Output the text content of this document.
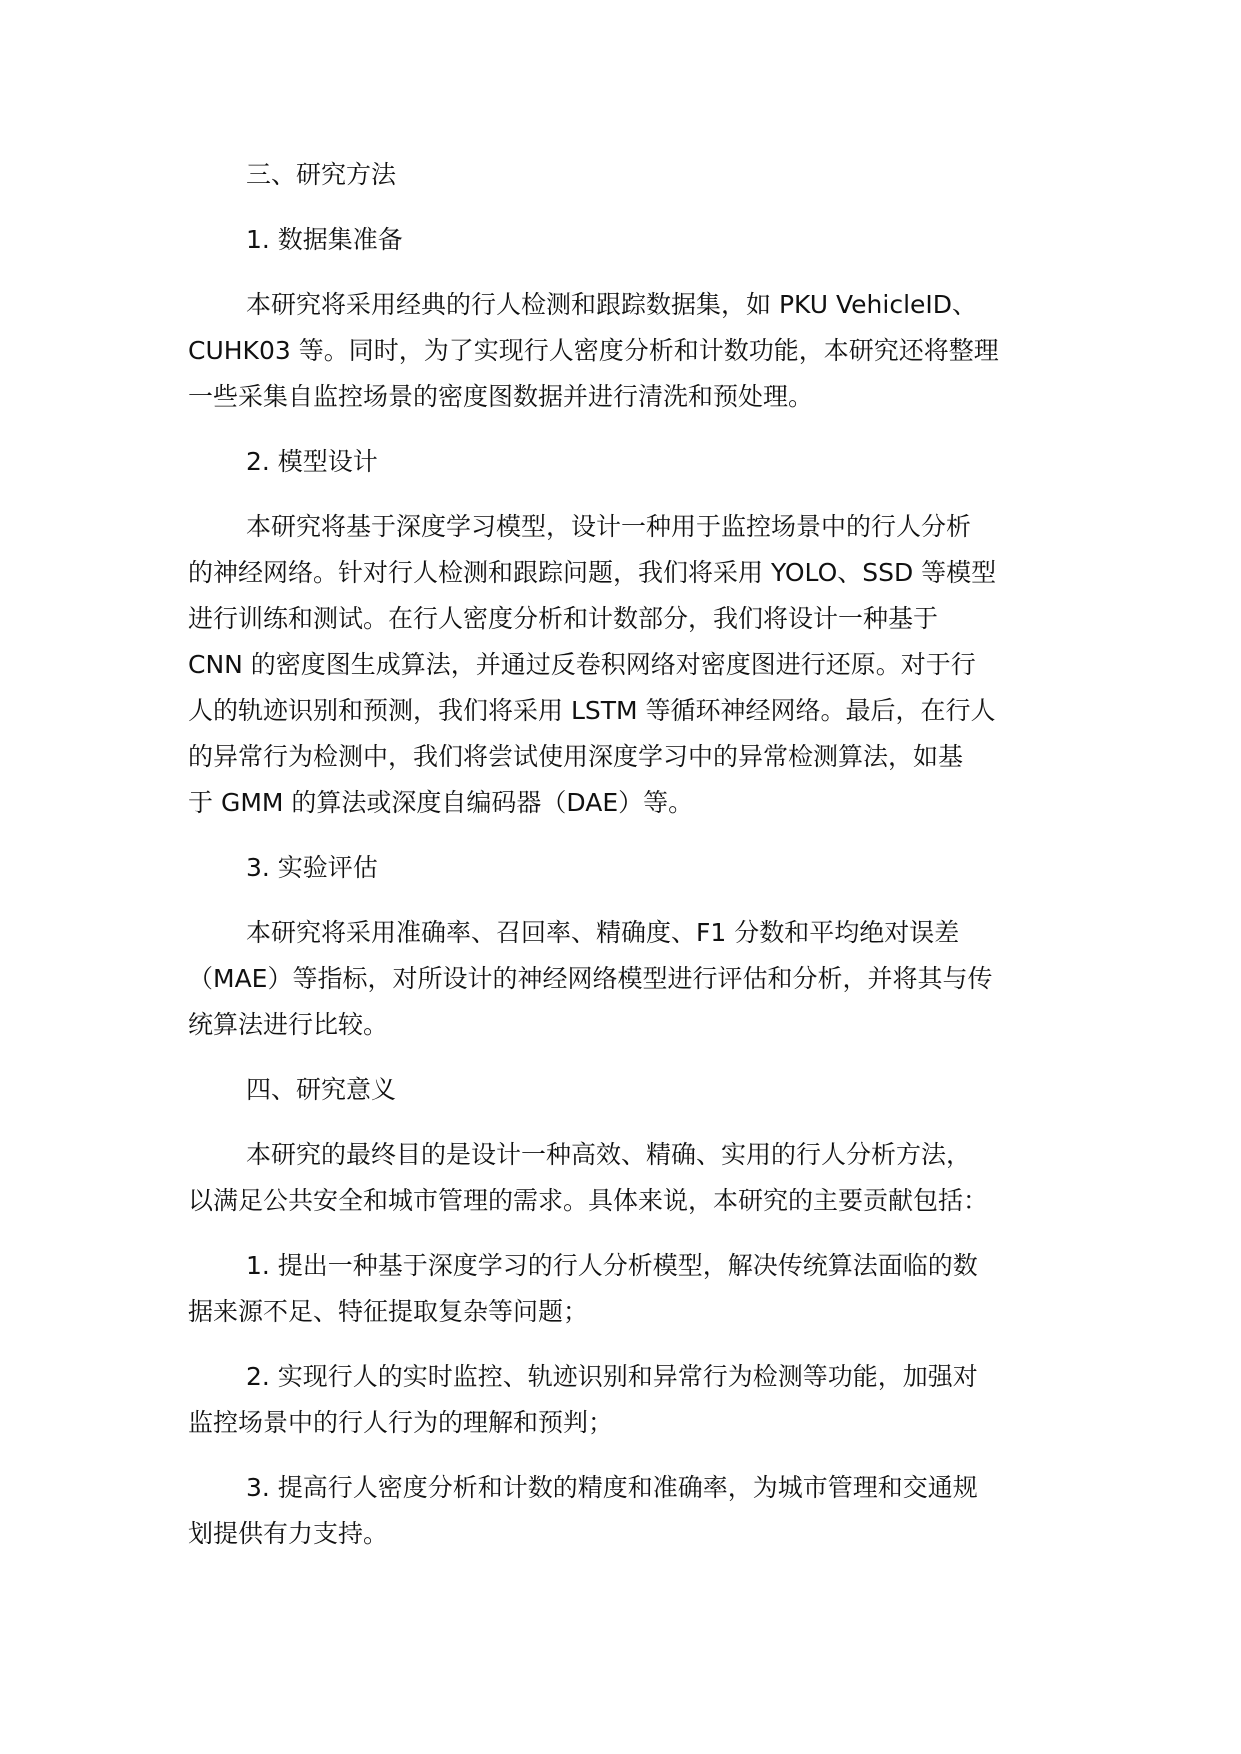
三、研究方法
1. 数据集准备
本研究将采用经典的行人检测和跟踪数据集，如 PKU VehicleID、
CUHK03 等。同时，为了实现行人密度分析和计数功能，本研究还将整理
一些采集自监控场景的密度图数据并进行清洗和预处理。
2. 模型设计
本研究将基于深度学习模型，设计一种用于监控场景中的行人分析
的神经网络。针对行人检测和跟踪问题，我们将采用 YOLO、SSD 等模型
进行训练和测试。在行人密度分析和计数部分，我们将设计一种基于
CNN 的密度图生成算法，并通过反卷积网络对密度图进行还原。对于行
人的轨迹识别和预测，我们将采用 LSTM 等循环神经网络。最后，在行人
的异常行为检测中，我们将尝试使用深度学习中的异常检测算法，如基
于 GMM 的算法或深度自编码器（DAE）等。
3. 实验评估
本研究将采用准确率、召回率、精确度、F1 分数和平均绝对误差
（MAE）等指标，对所设计的神经网络模型进行评估和分析，并将其与传
统算法进行比较。
四、研究意义
本研究的最终目的是设计一种高效、精确、实用的行人分析方法，
以满足公共安全和城市管理的需求。具体来说，本研究的主要贡献包括：
1. 提出一种基于深度学习的行人分析模型，解决传统算法面临的数
据来源不足、特征提取复杂等问题；
2. 实现行人的实时监控、轨迹识别和异常行为检测等功能，加强对
监控场景中的行人行为的理解和预判；
3. 提高行人密度分析和计数的精度和准确率，为城市管理和交通规
划提供有力支持。
